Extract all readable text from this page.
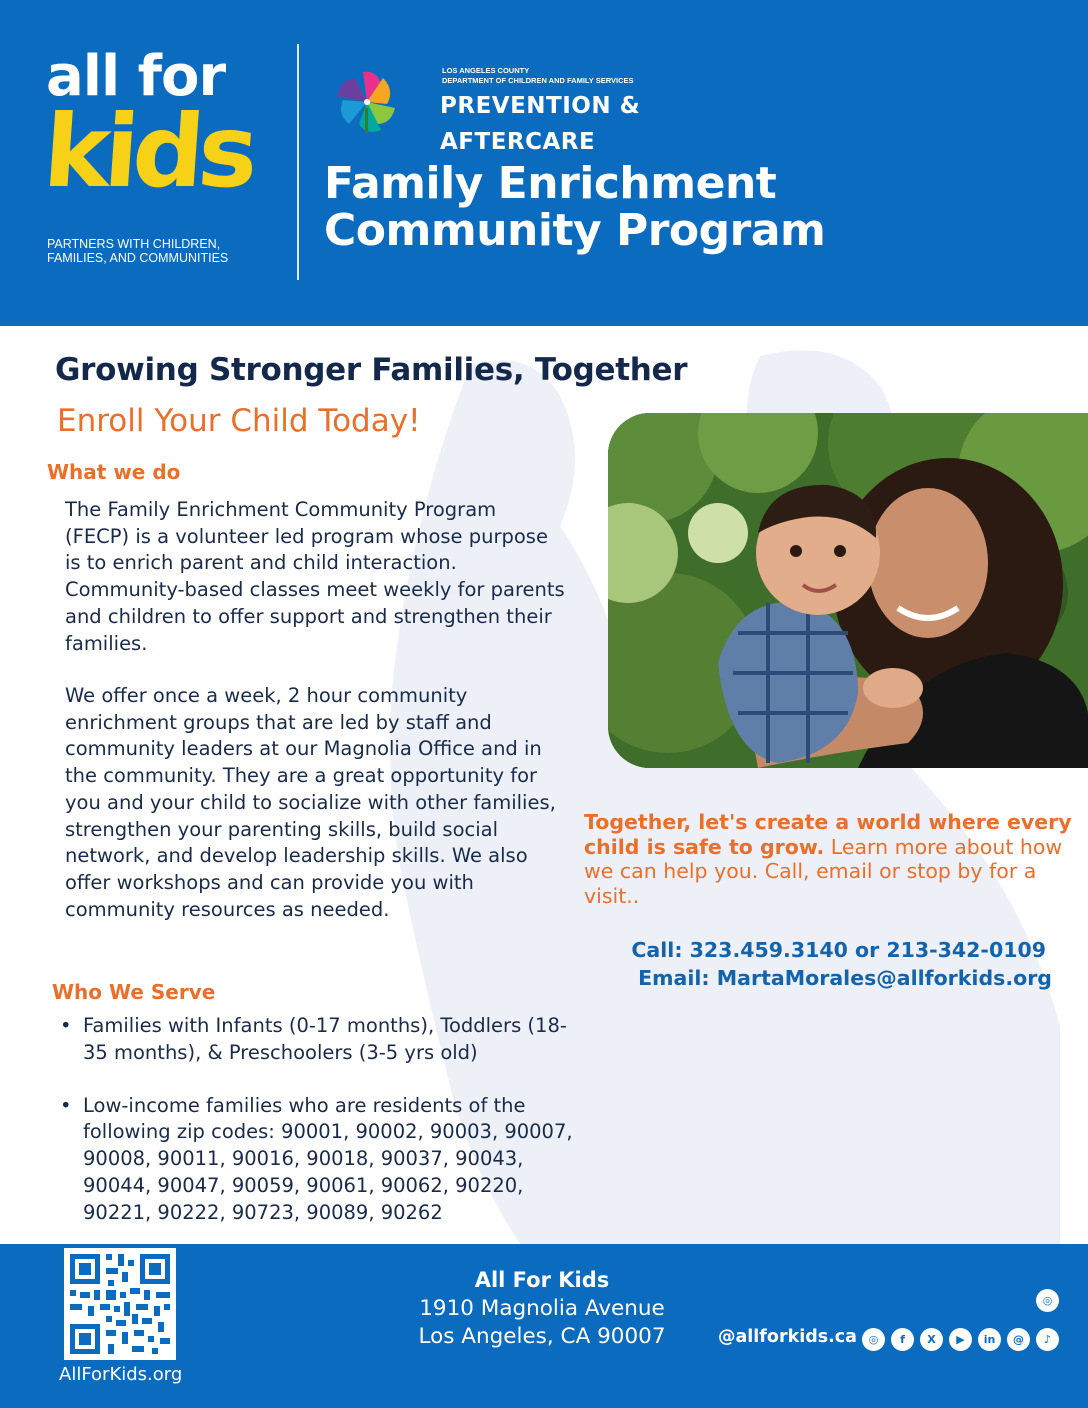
all for
kids
PARTNERS WITH CHILDREN,
FAMILIES, AND COMMUNITIES
LOS ANGELES COUNTY
DEPARTMENT OF CHILDREN AND FAMILY SERVICES
PREVENTION &
AFTERCARE
Family Enrichment
Community Program
Growing Stronger Families, Together
Enroll Your Child Today!
What we do

The Family Enrichment Community Program (FECP) is a volunteer led program whose purpose is to enrich parent and child interaction. Community-based classes meet weekly for parents and children to offer support and strengthen their families.

We offer once a week, 2 hour community enrichment groups that are led by staff and community leaders at our Magnolia Office and in the community. They are a great opportunity for you and your child to socialize with other families, strengthen your parenting skills, build social network, and develop leadership skills. We also offer workshops and can provide you with community resources as needed.

Who We Serve
• Families with Infants (0-17 months), Toddlers (18-35 months), & Preschoolers (3-5 yrs old)
• Low-income families who are residents of the following zip codes: 90001, 90002, 90003, 90007, 90008, 90011, 90016, 90018, 90037, 90043, 90044, 90047, 90059, 90061, 90062, 90220, 90221, 90222, 90723, 90089, 90262

Together, let's create a world where every child is safe to grow. Learn more about how we can help you. Call, email or stop by for a visit..

Call: 323.459.3140 or 213-342-0109
Email: MartaMorales@allforkids.org
AllForKids.org
All For Kids
1910 Magnolia Avenue
Los Angeles, CA 90007
◎
@allforkids.ca	◎	f	X	▶	in	@	♪
